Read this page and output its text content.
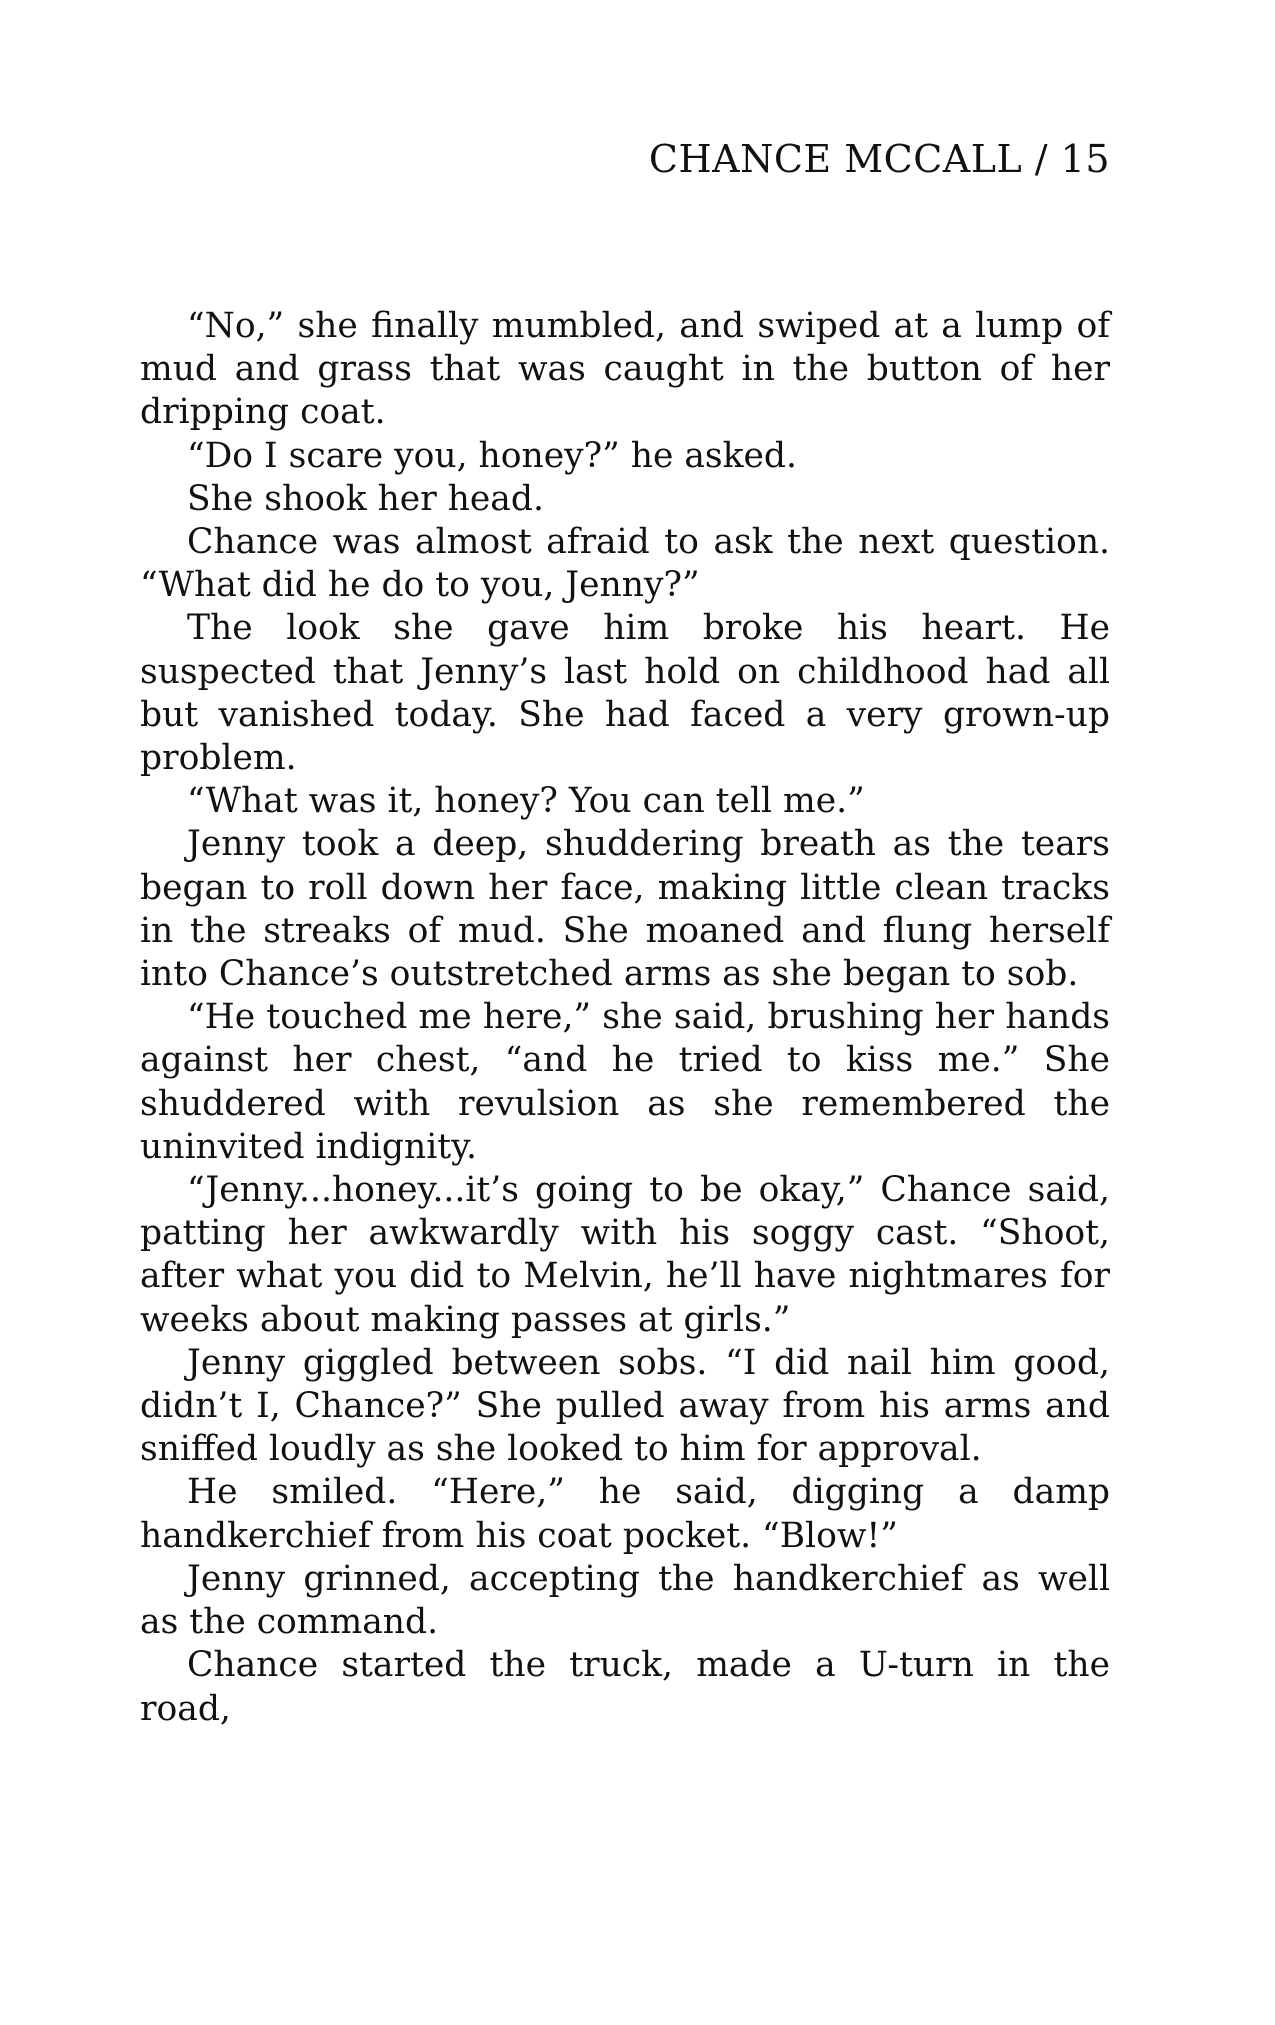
CHANCE MCCALL / 15

“No,” she finally mumbled, and swiped at a lump of mud and grass that was caught in the button of her dripping coat.

“Do I scare you, honey?” he asked.

She shook her head.

Chance was almost afraid to ask the next question. “What did he do to you, Jenny?”

The look she gave him broke his heart. He suspected that Jenny’s last hold on childhood had all but vanished today. She had faced a very grown-up problem.

“What was it, honey? You can tell me.”

Jenny took a deep, shuddering breath as the tears began to roll down her face, making little clean tracks in the streaks of mud. She moaned and flung herself into Chance’s outstretched arms as she began to sob.

“He touched me here,” she said, brushing her hands against her chest, “and he tried to kiss me.” She shuddered with revulsion as she remembered the uninvited indignity.

“Jenny...honey...it’s going to be okay,” Chance said, patting her awkwardly with his soggy cast. “Shoot, after what you did to Melvin, he’ll have nightmares for weeks about making passes at girls.”

Jenny giggled between sobs. “I did nail him good, didn’t I, Chance?” She pulled away from his arms and sniffed loudly as she looked to him for approval.

He smiled. “Here,” he said, digging a damp handkerchief from his coat pocket. “Blow!”

Jenny grinned, accepting the handkerchief as well as the command.

Chance started the truck, made a U-turn in the road,
